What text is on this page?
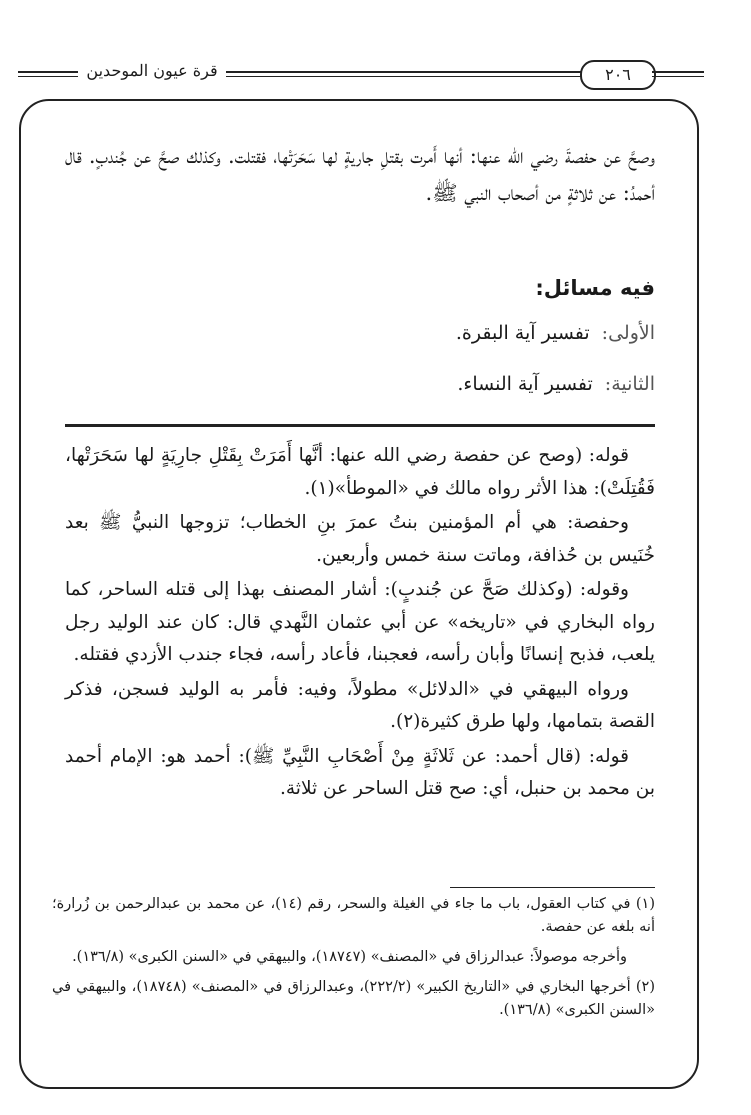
قرة عيون الموحدين	٢٠٦

وصحَّ عن حفصةَ رضي الله عنها: أنها أَمرت بقتلِ جاريةٍ لها سَحَرَتْها، فقتلت. وكذلك صحَّ عن جُندبٍ. قال أحمدُ: عن ثلاثةٍ من أصحاب النبي ﷺ.

فيه مسائل:
الأولى:تفسير آية البقرة.
الثانية:تفسير آية النساء.

قوله: (وصح عن حفصة رضي الله عنها: أنَّها أَمَرَتْ بِقَتْلِ جارِيَةٍ لها سَحَرَتْها، فَقُتِلَتْ): هذا الأثر رواه مالك في «الموطأ»(١).

وحفصة: هي أم المؤمنين بنتُ عمرَ بنِ الخطاب؛ تزوجها النبيُّ ﷺ بعد خُنَيس بن حُذافة، وماتت سنة خمس وأربعين.

وقوله: (وكذلك صَحَّ عن جُندبٍ): أشار المصنف بهذا إلى قتله الساحر، كما رواه البخاري في «تاريخه» عن أبي عثمان النَّهدي قال: كان عند الوليد رجل يلعب، فذبح إنسانًا وأبان رأسه، فعجبنا، فأعاد رأسه، فجاء جندب الأزدي فقتله.

ورواه البيهقي في «الدلائل» مطولاً، وفيه: فأمر به الوليد فسجن، فذكر القصة بتمامها، ولها طرق كثيرة(٢).

قوله: (قال أحمد: عن ثَلاثَةٍ مِنْ أَصْحَابِ النَّبِيِّ ﷺ): أحمد هو: الإمام أحمد بن محمد بن حنبل، أي: صح قتل الساحر عن ثلاثة.

(١) في كتاب العقول، باب ما جاء في الغيلة والسحر، رقم (١٤)، عن محمد بن عبدالرحمن بن زُرارة؛ أنه بلغه عن حفصة.

وأخرجه موصولاً: عبدالرزاق في «المصنف» (١٨٧٤٧)، والبيهقي في «السنن الكبرى» (١٣٦/٨).

(٢) أخرجها البخاري في «التاريخ الكبير» (٢٢٢/٢)، وعبدالرزاق في «المصنف» (١٨٧٤٨)، والبيهقي في «السنن الكبرى» (١٣٦/٨).
